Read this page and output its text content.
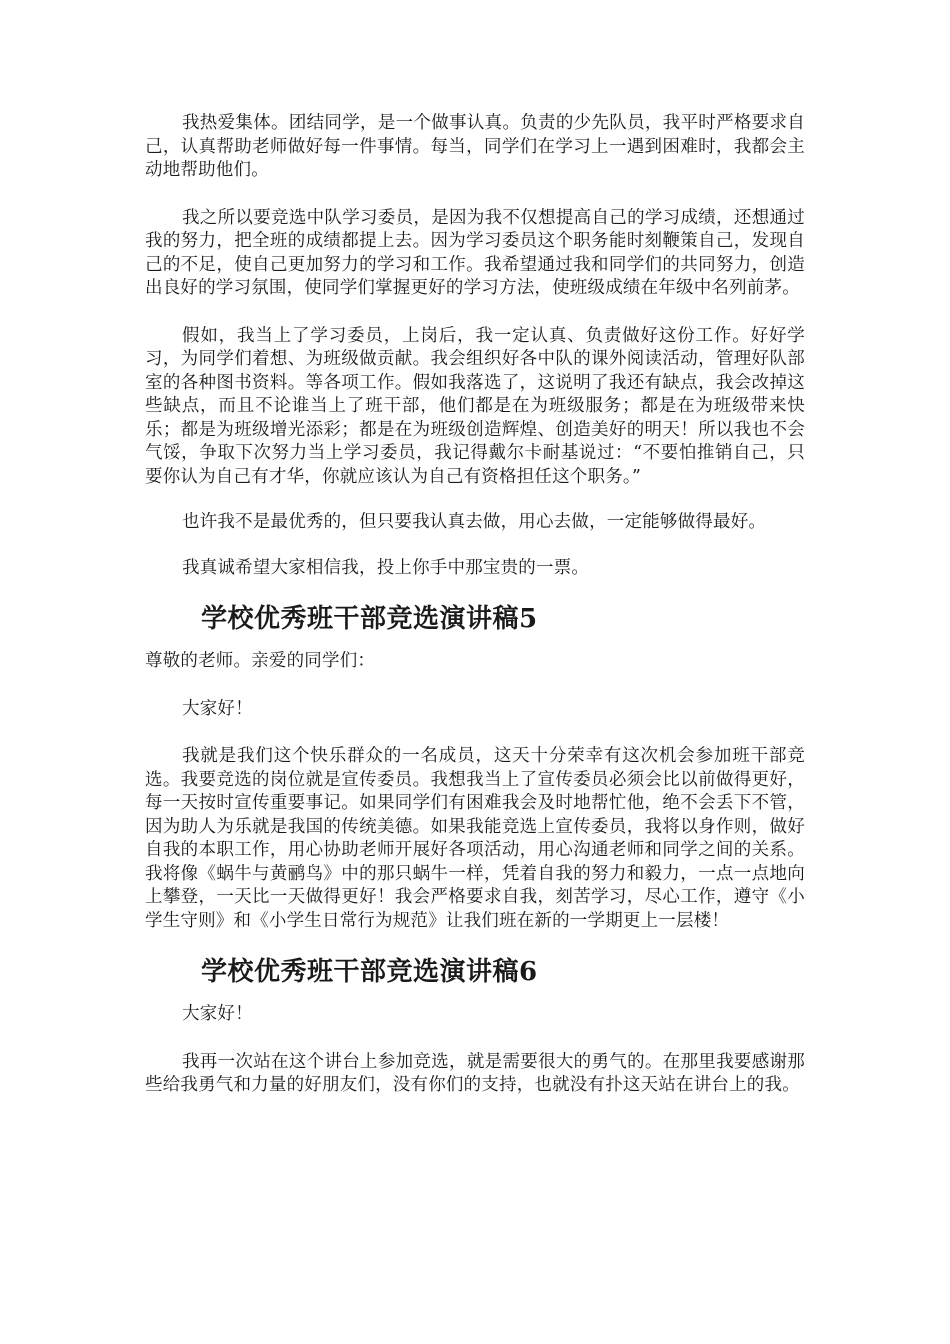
我热爱集体。团结同学，是一个做事认真。负责的少先队员，我平时严格要求自己，认真帮助老师做好每一件事情。每当，同学们在学习上一遇到困难时，我都会主动地帮助他们。

我之所以要竞选中队学习委员，是因为我不仅想提高自己的学习成绩，还想通过我的努力，把全班的成绩都提上去。因为学习委员这个职务能时刻鞭策自己，发现自己的不足，使自己更加努力的学习和工作。我希望通过我和同学们的共同努力，创造出良好的学习氛围，使同学们掌握更好的学习方法，使班级成绩在年级中名列前茅。

假如，我当上了学习委员，上岗后，我一定认真、负责做好这份工作。好好学习，为同学们着想、为班级做贡献。我会组织好各中队的课外阅读活动，管理好队部室的各种图书资料。等各项工作。假如我落选了，这说明了我还有缺点，我会改掉这些缺点，而且不论谁当上了班干部，他们都是在为班级服务；都是在为班级带来快乐；都是为班级增光添彩；都是在为班级创造辉煌、创造美好的明天！所以我也不会气馁，争取下次努力当上学习委员，我记得戴尔卡耐基说过：“不要怕推销自己，只要你认为自己有才华，你就应该认为自己有资格担任这个职务。”

也许我不是最优秀的，但只要我认真去做，用心去做，一定能够做得最好。

我真诚希望大家相信我，投上你手中那宝贵的一票。

学校优秀班干部竞选演讲稿5

尊敬的老师。亲爱的同学们：

大家好！

我就是我们这个快乐群众的一名成员，这天十分荣幸有这次机会参加班干部竞选。我要竞选的岗位就是宣传委员。我想我当上了宣传委员必须会比以前做得更好，每一天按时宣传重要事记。如果同学们有困难我会及时地帮忙他，绝不会丢下不管，因为助人为乐就是我国的传统美德。如果我能竞选上宣传委员，我将以身作则，做好自我的本职工作，用心协助老师开展好各项活动，用心沟通老师和同学之间的关系。我将像《蜗牛与黄鹂鸟》中的那只蜗牛一样，凭着自我的努力和毅力，一点一点地向上攀登，一天比一天做得更好！我会严格要求自我，刻苦学习，尽心工作，遵守《小学生守则》和《小学生日常行为规范》让我们班在新的一学期更上一层楼！

学校优秀班干部竞选演讲稿6

大家好！

我再一次站在这个讲台上参加竞选，就是需要很大的勇气的。在那里我要感谢那些给我勇气和力量的好朋友们，没有你们的支持，也就没有扑这天站在讲台上的我。
